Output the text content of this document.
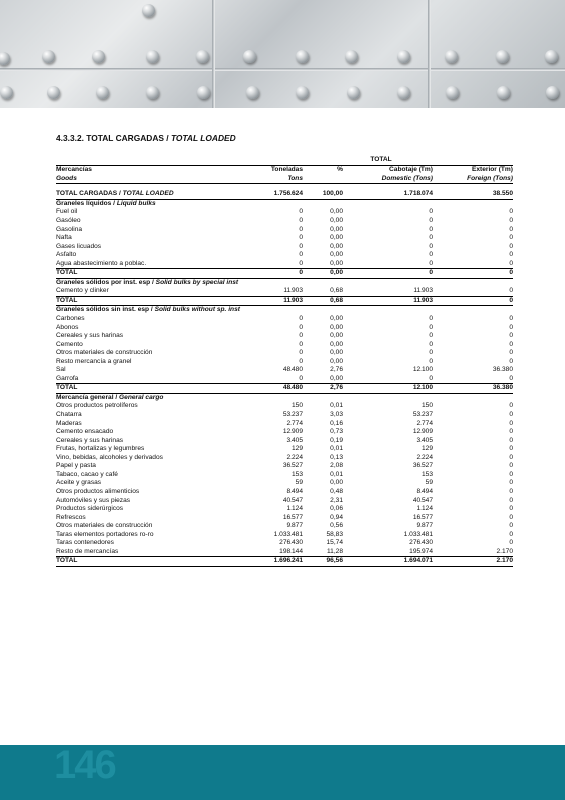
4.3.3.2. TOTAL CARGADAS / TOTAL LOADED
	TOTAL			
Mercancías	Toneladas	%	Cabotaje (Tm)	Exterior (Tm)
Goods	Tons		Domestic (Tons)	Foreign (Tons)

TOTAL CARGADAS / TOTAL LOADED	1.756.624	100,00	1.718.074	38.550
Graneles líquidos / Liquid bulks				
Fuel oil	0	0,00	0	0
Gasóleo	0	0,00	0	0
Gasolina	0	0,00	0	0
Nafta	0	0,00	0	0
Gases licuados	0	0,00	0	0
Asfalto	0	0,00	0	0
Agua abastecimiento a poblac.	0	0,00	0	0
TOTAL	0	0,00	0	0
Graneles sólidos por inst. esp / Solid bulks by special inst				
Cemento y clinker	11.903	0,68	11.903	0
TOTAL	11.903	0,68	11.903	0
Graneles sólidos sin inst. esp / Solid bulks without sp. inst				
Carbones	0	0,00	0	0
Abonos	0	0,00	0	0
Cereales y sus harinas	0	0,00	0	0
Cemento	0	0,00	0	0
Otros materiales de construcción	0	0,00	0	0
Resto mercancía a granel	0	0,00	0	0
Sal	48.480	2,76	12.100	36.380
Garrofa	0	0,00	0	0
TOTAL	48.480	2,76	12.100	36.380
Mercancía general / General cargo				
Otros productos petrolíferos	150	0,01	150	0
Chatarra	53.237	3,03	53.237	0
Maderas	2.774	0,16	2.774	0
Cemento ensacado	12.909	0,73	12.909	0
Cereales y sus harinas	3.405	0,19	3.405	0
Frutas, hortalizas y legumbres	129	0,01	129	0
Vino, bebidas, alcoholes y derivados	2.224	0,13	2.224	0
Papel y pasta	36.527	2,08	36.527	0
Tabaco, cacao y café	153	0,01	153	0
Aceite y grasas	59	0,00	59	0
Otros productos alimenticios	8.494	0,48	8.494	0
Automóviles y sus piezas	40.547	2,31	40.547	0
Productos siderúrgicos	1.124	0,06	1.124	0
Refrescos	16.577	0,94	16.577	0
Otros materiales de construcción	9.877	0,56	9.877	0
Taras elementos portadores ro-ro	1.033.481	58,83	1.033.481	0
Taras contenedores	276.430	15,74	276.430	0
Resto de mercancías	198.144	11,28	195.974	2.170
TOTAL	1.696.241	96,56	1.694.071	2.170
146
